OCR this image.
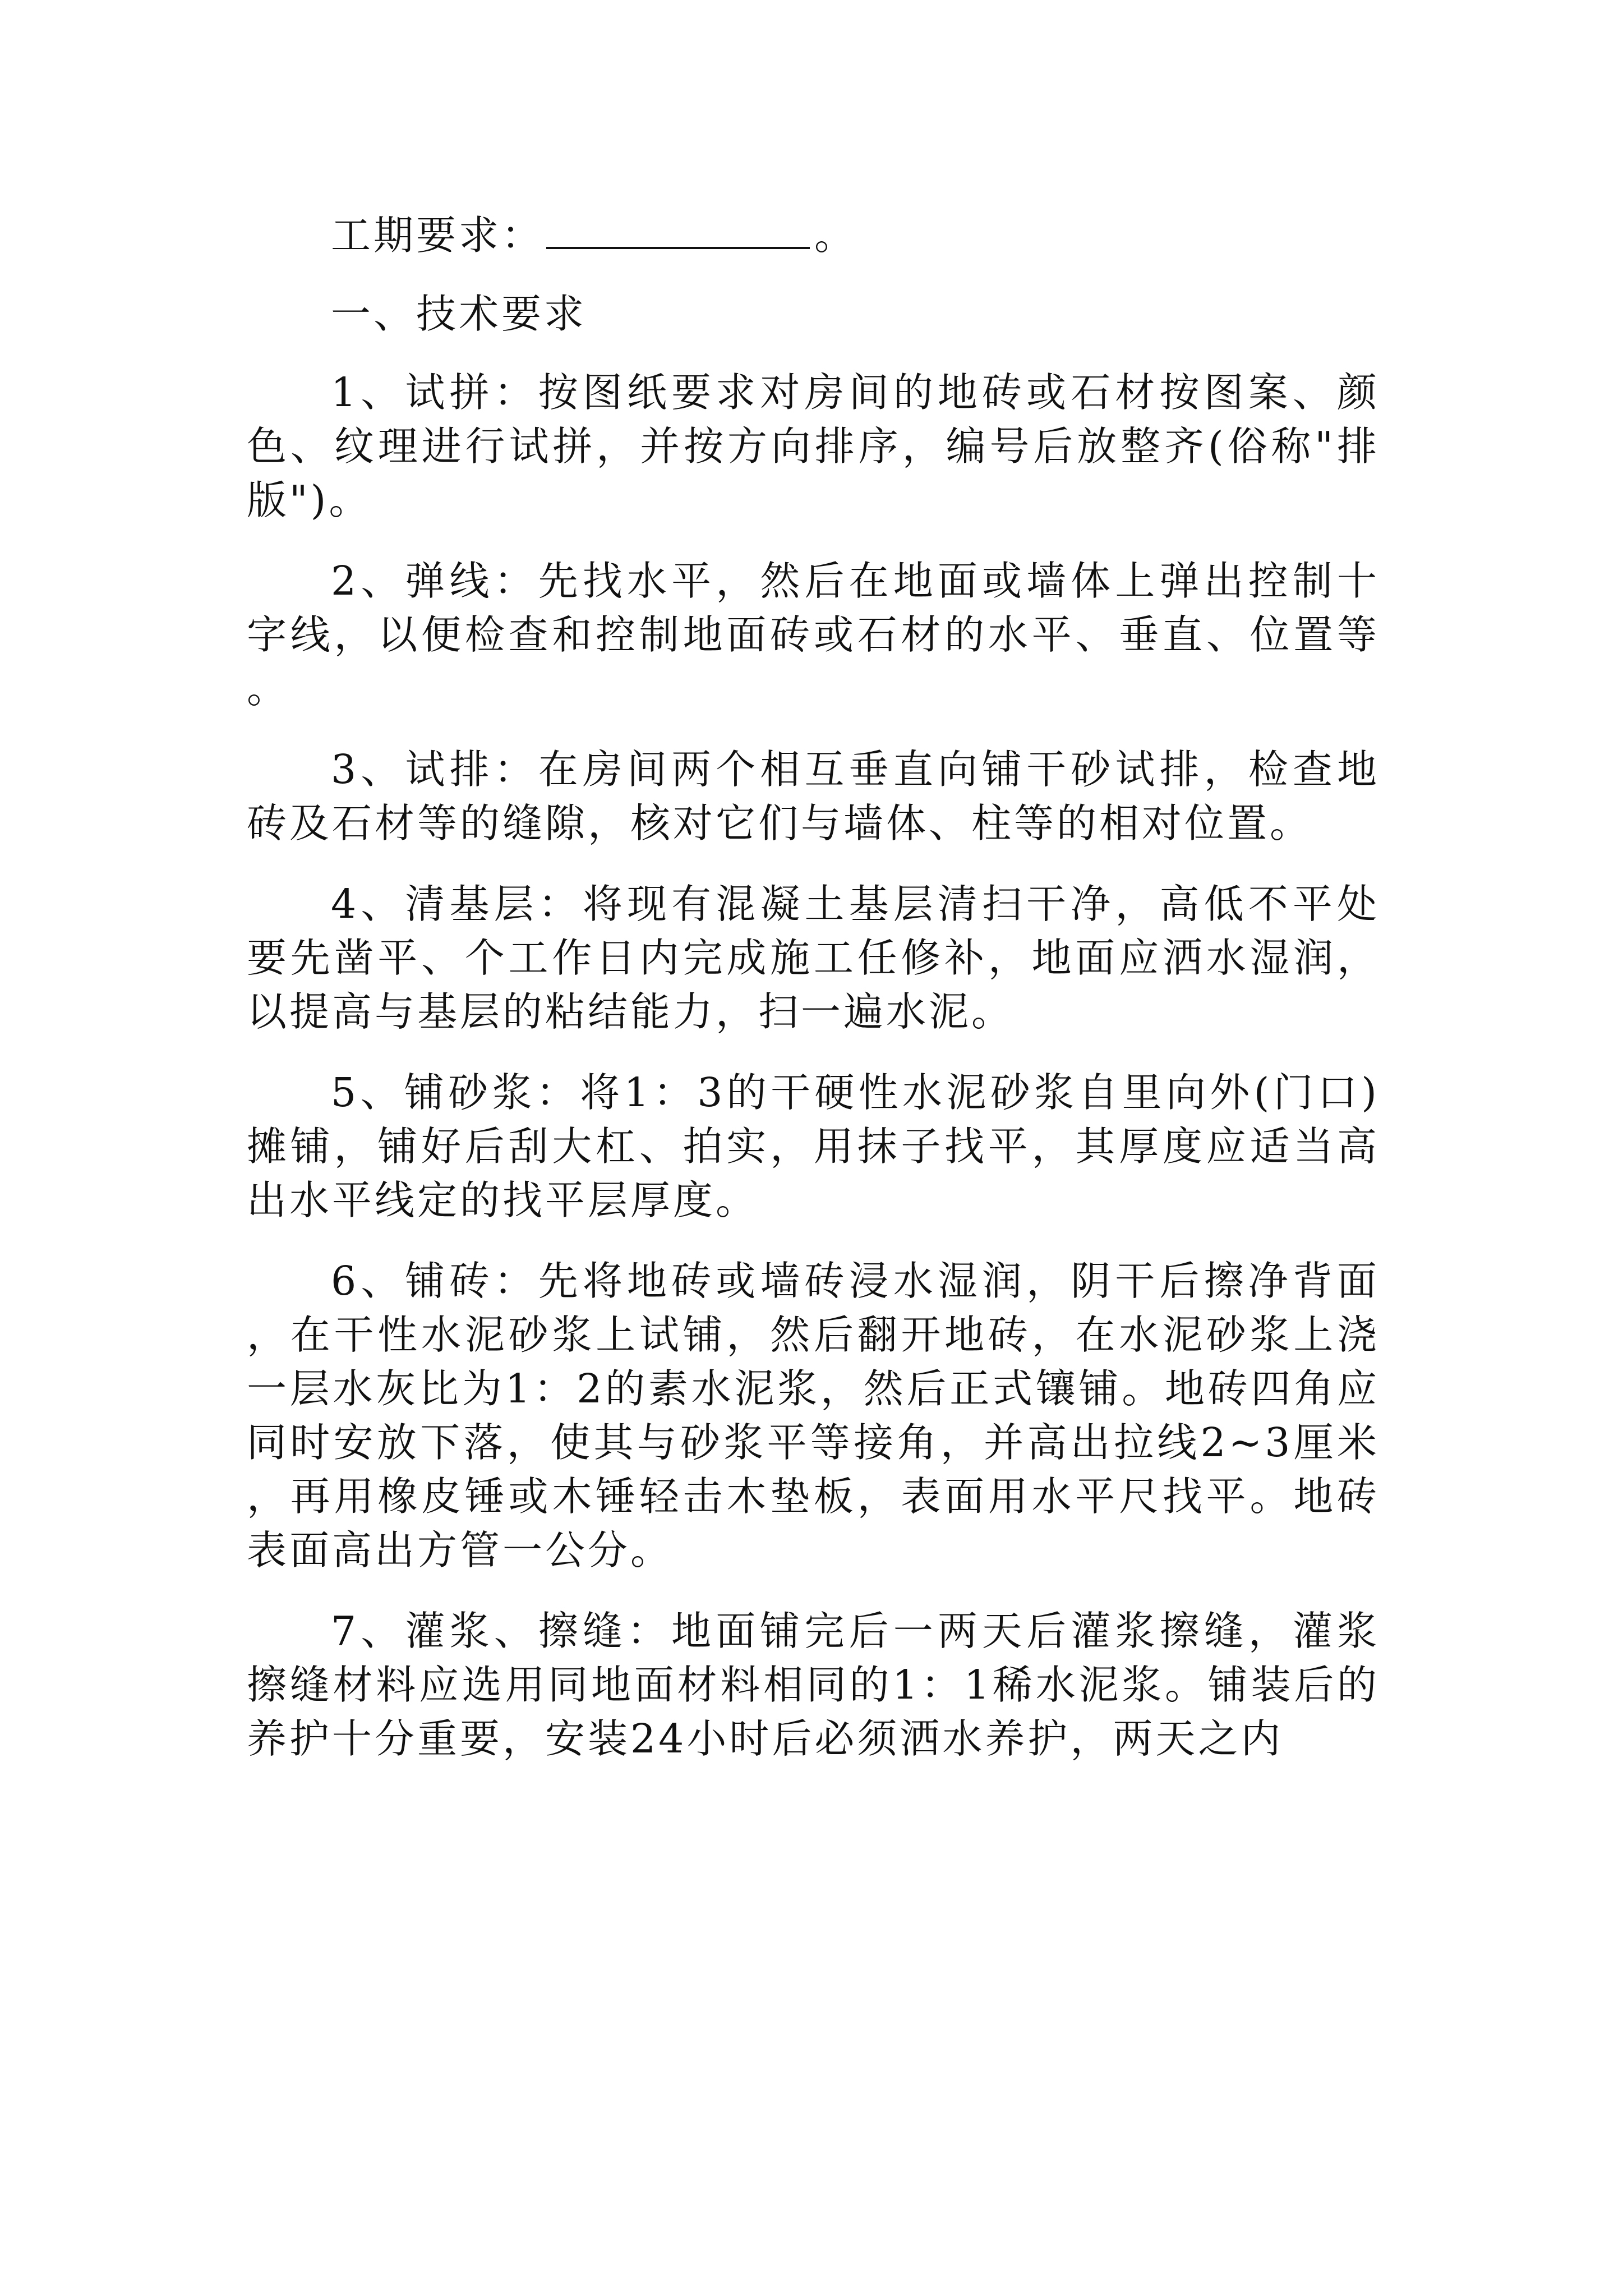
工期要求：	。

一、技术要求

1、试拼：按图纸要求对房间的地砖或石材按图案、颜色、纹理进行试拼，并按方向排序，编号后放整齐(俗称"排版")。

2、弹线：先找水平，然后在地面或墙体上弹出控制十字线，以便检查和控制地面砖或石材的水平、垂直、位置等。

3、试排：在房间两个相互垂直向铺干砂试排，检查地砖及石材等的缝隙，核对它们与墙体、柱等的相对位置。

4、清基层：将现有混凝土基层清扫干净，高低不平处要先凿平、个工作日内完成施工任修补，地面应洒水湿润，以提高与基层的粘结能力，扫一遍水泥。

5、铺砂浆：将1：3的干硬性水泥砂浆自里向外(门口)摊铺，铺好后刮大杠、拍实，用抹子找平，其厚度应适当高出水平线定的找平层厚度。

6、铺砖：先将地砖或墙砖浸水湿润，阴干后擦净背面，在干性水泥砂浆上试铺，然后翻开地砖，在水泥砂浆上浇一层水灰比为1：2的素水泥浆，然后正式镶铺。地砖四角应同时安放下落，使其与砂浆平等接角，并高出拉线2~3厘米，再用橡皮锤或木锤轻击木垫板，表面用水平尺找平。地砖表面高出方管一公分。

7、灌浆、擦缝：地面铺完后一两天后灌浆擦缝，灌浆擦缝材料应选用同地面材料相同的1：1稀水泥浆。铺装后的养护十分重要，安装24小时后必须洒水养护，两天之内
